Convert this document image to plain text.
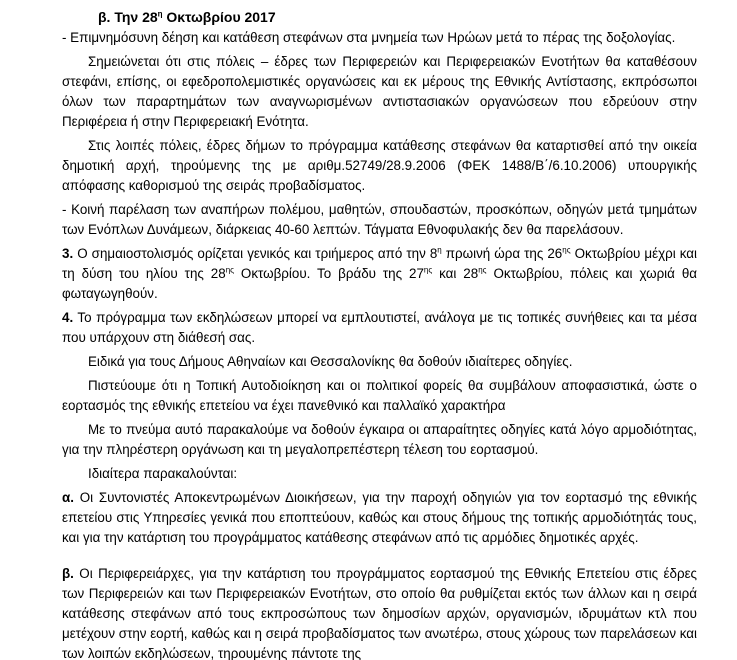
β. Την $28^\eta$ Οκτωβρίου 2017

- Επιμνημόσυνη δέηση και κατάθεση στεφάνων στα μνημεία των Ηρώων μετά το πέρας της δοξολογίας.

Σημειώνεται ότι στις πόλεις – έδρες των Περιφερειών και Περιφερειακών Ενοτήτων θα καταθέσουν στεφάνι, επίσης, οι εφεδροπολεμιστικές οργανώσεις και εκ μέρους της Εθνικής Αντίστασης, εκπρόσωποι όλων των παραρτημάτων των αναγνωρισμένων αντιστασιακών οργανώσεων που εδρεύουν στην Περιφέρεια ή στην Περιφερειακή Ενότητα.

Στις λοιπές πόλεις, έδρες δήμων το πρόγραμμα κατάθεσης στεφάνων θα καταρτισθεί από την οικεία δημοτική αρχή, τηρούμενης της με αριθμ.52749/28.9.2006 (ΦΕΚ 1488/Β΄/6.10.2006) υπουργικής απόφασης καθορισμού της σειράς προβαδίσματος.

- Κοινή παρέλαση των αναπήρων πολέμου, μαθητών, σπουδαστών, προσκόπων, οδηγών μετά τμημάτων των Ενόπλων Δυνάμεων, διάρκειας 40-60 λεπτών. Τάγματα Εθνοφυλακής δεν θα παρελάσουν.

3. Ο σημαιοστολισμός ορίζεται γενικός και τριήμερος από την $8^\eta$ πρωινή ώρα της $26^{\eta\varsigma}$ Οκτωβρίου μέχρι και τη δύση του ηλίου της $28^{\eta\varsigma}$ Οκτωβρίου. Το βράδυ της $27^{\eta\varsigma}$ και $28^{\eta\varsigma}$ Οκτωβρίου, πόλεις και χωριά θα φωταγωγηθούν.

4. Το πρόγραμμα των εκδηλώσεων μπορεί να εμπλουτιστεί, ανάλογα με τις τοπικές συνήθειες και τα μέσα που υπάρχουν στη διάθεσή σας.

Ειδικά για τους Δήμους Αθηναίων και Θεσσαλονίκης θα δοθούν ιδιαίτερες οδηγίες.

Πιστεύουμε ότι η Τοπική Αυτοδιοίκηση και οι πολιτικοί φορείς θα συμβάλουν αποφασιστικά, ώστε ο εορτασμός της εθνικής επετείου να έχει πανεθνικό και παλλαϊκό χαρακτήρα

Με το πνεύμα αυτό παρακαλούμε να δοθούν έγκαιρα οι απαραίτητες οδηγίες κατά λόγο αρμοδιότητας, για την πληρέστερη οργάνωση και τη μεγαλοπρεπέστερη τέλεση του εορτασμού.

Ιδιαίτερα παρακαλούνται:

α. Οι Συντονιστές Αποκεντρωμένων Διοικήσεων, για την παροχή οδηγιών για τον εορτασμό της εθνικής επετείου στις Υπηρεσίες γενικά που εποπτεύουν, καθώς και στους δήμους της τοπικής αρμοδιότητάς τους, και για την κατάρτιση του προγράμματος κατάθεσης στεφάνων από τις αρμόδιες δημοτικές αρχές.

β. Οι Περιφερειάρχες, για την κατάρτιση του προγράμματος εορτασμού της Εθνικής Επετείου στις έδρες των Περιφερειών και των Περιφερειακών Ενοτήτων, στο οποίο θα ρυθμίζεται εκτός των άλλων και η σειρά κατάθεσης στεφάνων από τους εκπροσώπους των δημοσίων αρχών, οργανισμών, ιδρυμάτων κτλ που μετέχουν στην εορτή, καθώς και η σειρά προβαδίσματος των ανωτέρω, στους χώρους των παρελάσεων και των λοιπών εκδηλώσεων, τηρουμένης πάντοτε της
